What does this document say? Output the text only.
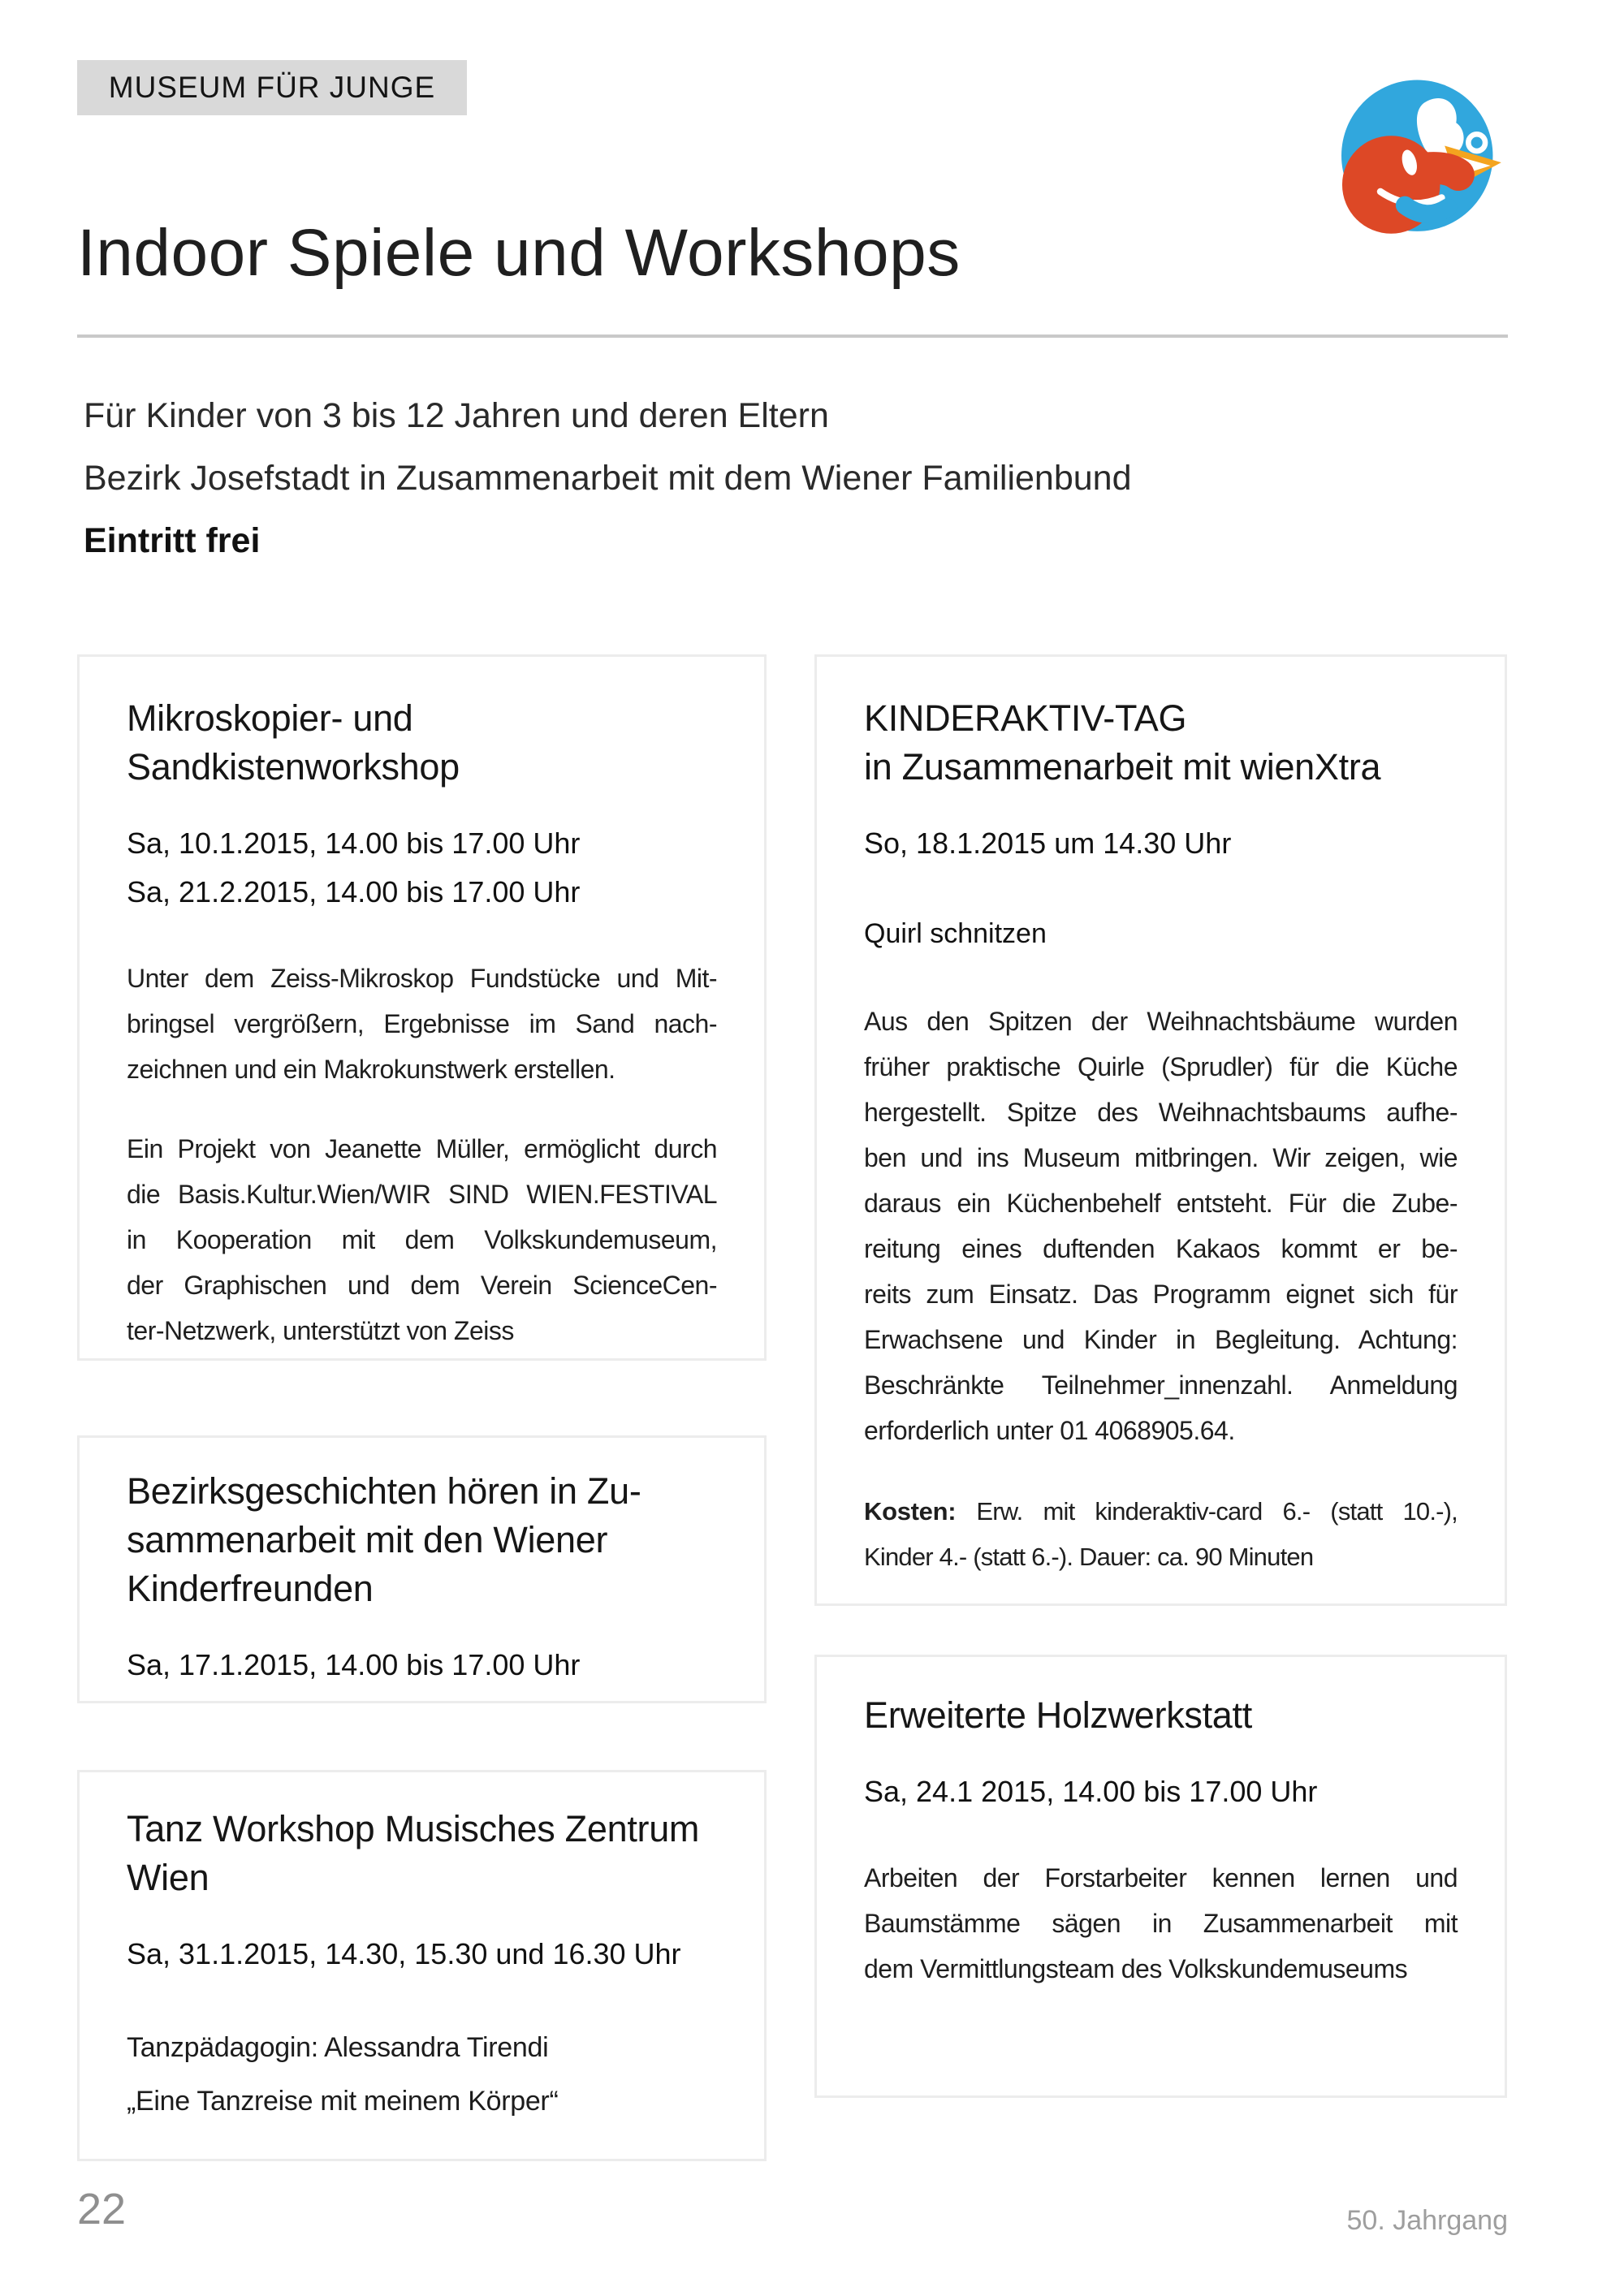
MUSEUM FÜR JUNGE
Indoor Spiele und Workshops
Für Kinder von 3 bis 12 Jahren und deren Eltern
Bezirk Josefstadt in Zusammenarbeit mit dem Wiener Familienbund
Eintritt frei
Mikroskopier- und
Sandkistenworkshop
Sa, 10.1.2015, 14.00 bis 17.00 Uhr
Sa, 21.2.2015, 14.00 bis 17.00 Uhr
Unter dem Zeiss-Mikroskop Fundstücke und Mit-
bringsel vergrößern, Ergebnisse im Sand nach-
zeichnen und ein Makrokunstwerk erstellen.
Ein Projekt von Jeanette Müller, ermöglicht durch
die Basis.Kultur.Wien/WIR SIND WIEN.FESTIVAL
in Kooperation mit dem Volkskundemuseum,
der Graphischen und dem Verein ScienceCen-
ter-Netzwerk, unterstützt von Zeiss
Bezirksgeschichten hören in Zu-
sammenarbeit mit den Wiener
Kinderfreunden
Sa, 17.1.2015, 14.00 bis 17.00 Uhr
Tanz Workshop Musisches Zentrum
Wien
Sa, 31.1.2015, 14.30, 15.30 und 16.30 Uhr
Tanzpädagogin: Alessandra Tirendi
„Eine Tanzreise mit meinem Körper“
KINDERAKTIV-TAG
in Zusammenarbeit mit wienXtra
So, 18.1.2015 um 14.30 Uhr
Quirl schnitzen
Aus den Spitzen der Weihnachtsbäume wurden
früher praktische Quirle (Sprudler) für die Küche
hergestellt. Spitze des Weihnachtsbaums aufhe-
ben und ins Museum mitbringen. Wir zeigen, wie
daraus ein Küchenbehelf entsteht. Für die Zube-
reitung eines duftenden Kakaos kommt er be-
reits zum Einsatz. Das Programm eignet sich für
Erwachsene und Kinder in Begleitung. Achtung:
Beschränkte Teilnehmer_innenzahl. Anmeldung
erforderlich unter 01 4068905.64.
Kosten: Erw. mit kinderaktiv-card 6.- (statt 10.-),
Kinder 4.- (statt 6.-). Dauer: ca. 90 Minuten
Erweiterte Holzwerkstatt
Sa, 24.1 2015, 14.00 bis 17.00 Uhr
Arbeiten der Forstarbeiter kennen lernen und
Baumstämme sägen in Zusammenarbeit mit
dem Vermittlungsteam des Volkskundemuseums
22	50. Jahrgang
